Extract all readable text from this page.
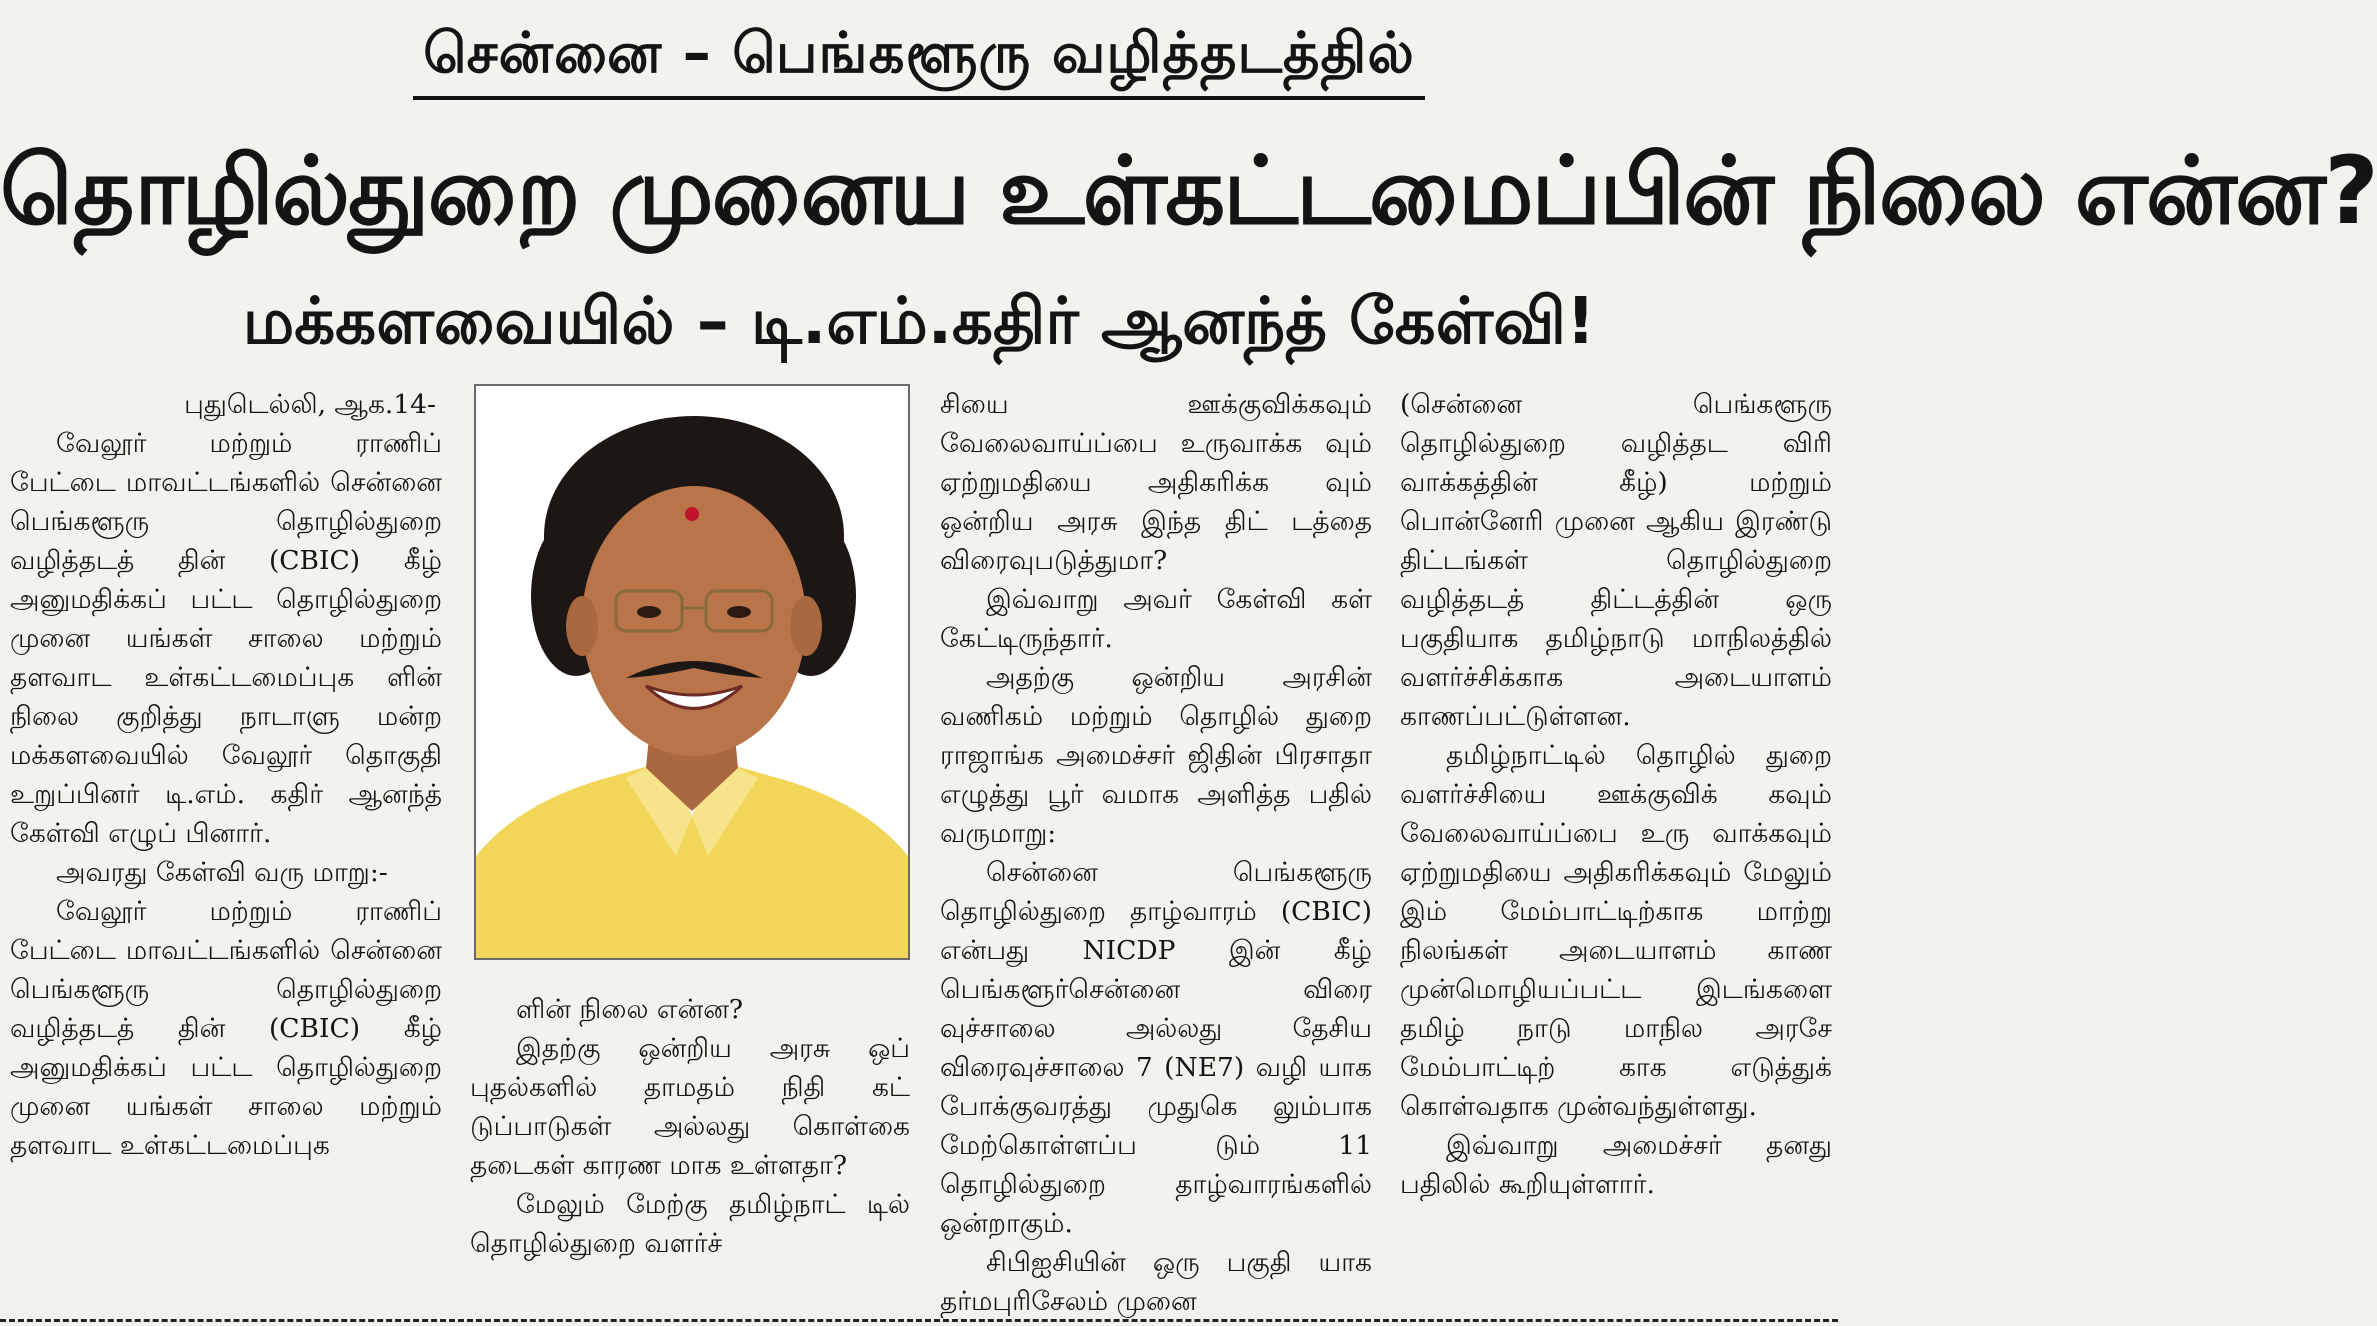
சென்னை – பெங்களூரு வழித்தடத்தில்
தொழில்துறை முனைய உள்கட்டமைப்பின் நிலை என்ன?
மக்களவையில் – டி.எம்.கதிர் ஆனந்த் கேள்வி!

புதுடெல்லி, ஆக.14-

வேலூர் மற்றும் ராணிப் பேட்டை மாவட்டங்களில் சென்னை பெங்களூரு தொழில்துறை வழித்தடத் தின் (CBIC) கீழ் அனுமதிக்கப் பட்ட தொழில்துறை முனை யங்கள் சாலை மற்றும் தளவாட உள்கட்டமைப்புக ளின் நிலை குறித்து நாடாளு மன்ற மக்களவையில் வேலூர் தொகுதி உறுப்பினர் டி.எம். கதிர் ஆனந்த் கேள்வி எழுப் பினார்.

அவரது கேள்வி வரு மாறு:-

வேலூர் மற்றும் ராணிப் பேட்டை மாவட்டங்களில் சென்னை பெங்களூரு தொழில்துறை வழித்தடத் தின் (CBIC) கீழ் அனுமதிக்கப் பட்ட தொழில்துறை முனை யங்கள் சாலை மற்றும் தளவாட உள்கட்டமைப்புக

ளின் நிலை என்ன?

இதற்கு ஒன்றிய அரசு ஒப் புதல்களில் தாமதம் நிதி கட் டுப்பாடுகள் அல்லது கொள்கை தடைகள் காரண மாக உள்ளதா?

மேலும் மேற்கு தமிழ்நாட் டில் தொழில்துறை வளர்ச்

சியை ஊக்குவிக்கவும் வேலைவாய்ப்பை உருவாக்க வும் ஏற்றுமதியை அதிகரிக்க வும் ஒன்றிய அரசு இந்த திட் டத்தை விரைவுபடுத்துமா?

இவ்வாறு அவர் கேள்வி கள் கேட்டிருந்தார்.

அதற்கு ஒன்றிய அரசின் வணிகம் மற்றும் தொழில் துறை ராஜாங்க அமைச்சர் ஜிதின் பிரசாதா எழுத்து பூர் வமாக அளித்த பதில் வருமாறு:

சென்னை பெங்களூரு தொழில்துறை தாழ்வாரம் (CBIC) என்பது NICDP இன் கீழ் பெங்களூர்சென்னை விரை வுச்சாலை அல்லது தேசிய விரைவுச்சாலை 7 (NE7) வழி யாக போக்குவரத்து முதுகெ லும்பாக மேற்கொள்ளப்ப டும் 11 தொழில்துறை தாழ்வாரங்களில் ஒன்றாகும்.

சிபிஐசியின் ஒரு பகுதி யாக தர்மபுரிசேலம் முனை

(சென்னை பெங்களூரு தொழில்துறை வழித்தட விரி வாக்கத்தின் கீழ்) மற்றும் பொன்னேரி முனை ஆகிய இரண்டு திட்டங்கள் தொழில்துறை வழித்தடத் திட்டத்தின் ஒரு பகுதியாக தமிழ்நாடு மாநிலத்தில் வளர்ச்சிக்காக அடையாளம் காணப்பட்டுள்ளன.

தமிழ்நாட்டில் தொழில் துறை வளர்ச்சியை ஊக்குவிக் கவும் வேலைவாய்ப்பை உரு வாக்கவும் ஏற்றுமதியை அதிகரிக்கவும் மேலும் இம் மேம்பாட்டிற்காக மாற்று நிலங்கள் அடையாளம் காண முன்மொழியப்பட்ட இடங்களை தமிழ் நாடு மாநில அரசே மேம்பாட்டிற் காக எடுத்துக் கொள்வதாக முன்வந்துள்ளது.

இவ்வாறு அமைச்சர் தனது பதிலில் கூறியுள்ளார்.
